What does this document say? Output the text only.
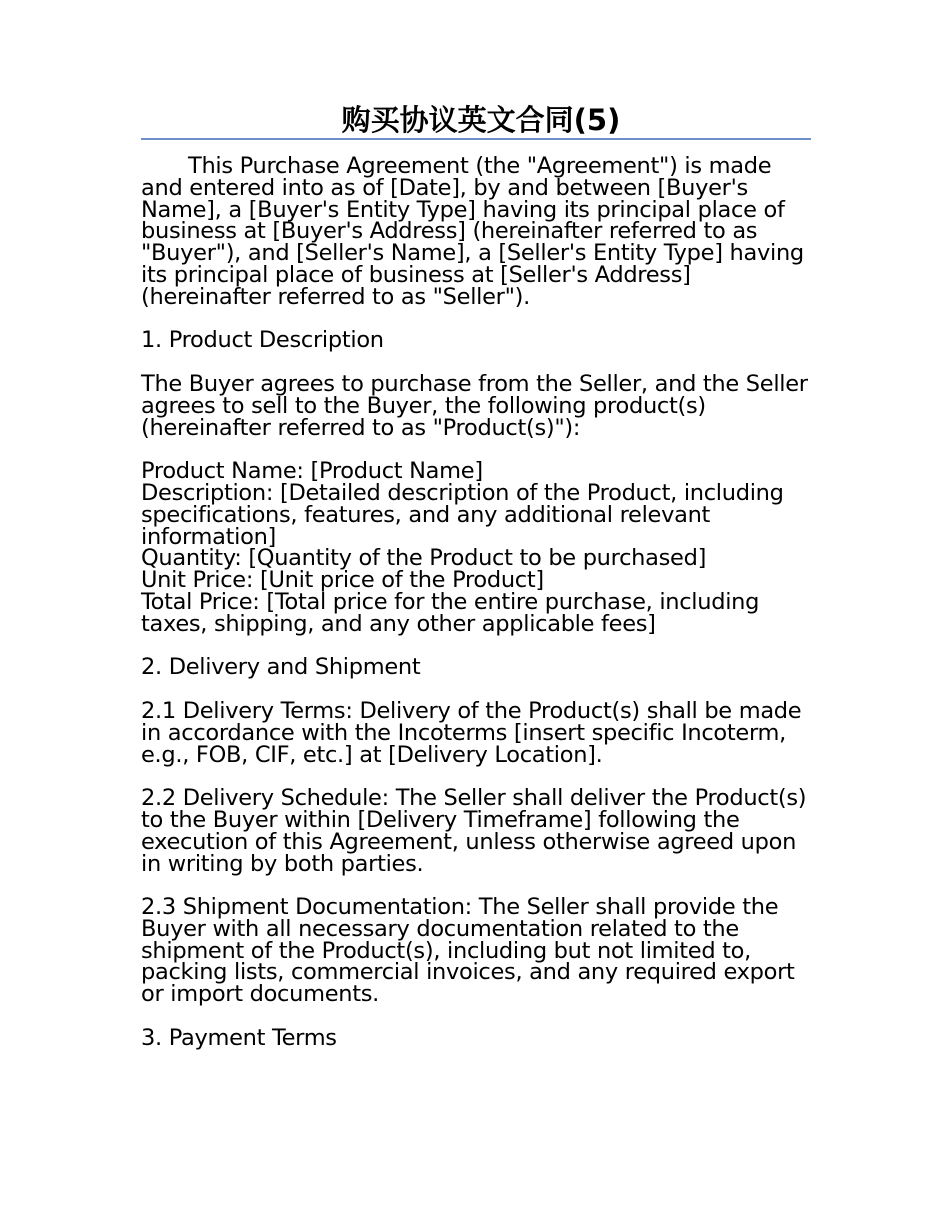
购买协议英文合同(5)

This Purchase Agreement (the "Agreement") is made and entered into as of [Date], by and between [Buyer's Name], a [Buyer's Entity Type] having its principal place of business at [Buyer's Address] (hereinafter referred to as "Buyer"), and [Seller's Name], a [Seller's Entity Type] having its principal place of business at [Seller's Address] (hereinafter referred to as "Seller").

1. Product Description

The Buyer agrees to purchase from the Seller, and the Seller agrees to sell to the Buyer, the following product(s) (hereinafter referred to as "Product(s)"):

Product Name: [Product Name]

Description: [Detailed description of the Product, including specifications, features, and any additional relevant information]

Quantity: [Quantity of the Product to be purchased]

Unit Price: [Unit price of the Product]

Total Price: [Total price for the entire purchase, including taxes, shipping, and any other applicable fees]

2. Delivery and Shipment

2.1 Delivery Terms: Delivery of the Product(s) shall be made in accordance with the Incoterms [insert specific Incoterm, e.g., FOB, CIF, etc.] at [Delivery Location].

2.2 Delivery Schedule: The Seller shall deliver the Product(s) to the Buyer within [Delivery Timeframe] following the execution of this Agreement, unless otherwise agreed upon in writing by both parties.

2.3 Shipment Documentation: The Seller shall provide the Buyer with all necessary documentation related to the shipment of the Product(s), including but not limited to, packing lists, commercial invoices, and any required export or import documents.

3. Payment Terms
